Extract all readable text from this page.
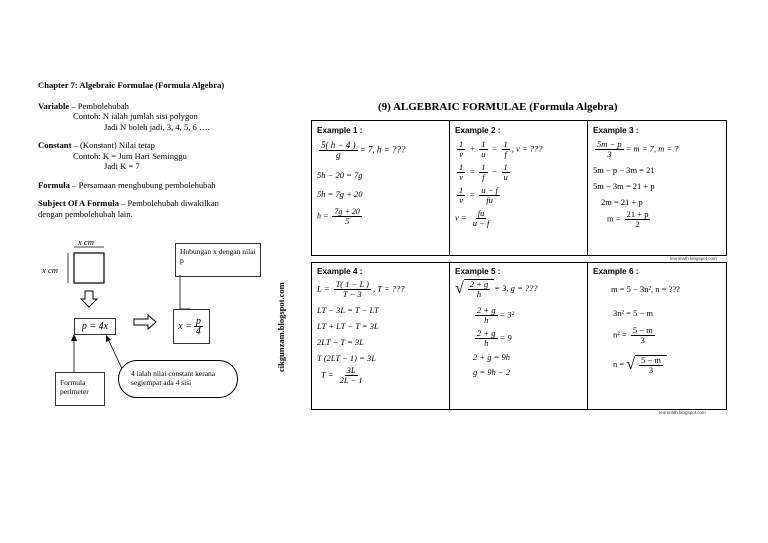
Chapter 7: Algebraic Formulae (Formula Algebra)
Variable – Pembolehubah
Contoh: N ialah jumlah sisi polygon
Jadi N boleh jadi, 3, 4, 5, 6 ….
Constant – (Konstant) Nilai tetap
Contoh: K = Jum Hari Seminggu
Jadi K = 7
Formula – Persamaan menghubung pembolehubah
Subject Of A Formula – Pembolehubah diwakilkan
dengan pembolehubah lain.
x cm
x cm
Hubungan x dengan nilai p
p = 4x	$x = \frac{p}{4}$
Formula perimeter
4 ialah nilai constant kerana segiempat ada 4 sisi
cikgunzam.blogspot.com
(9) ALGEBRAIC FORMULAE (Formula Algebra)
teorimath.blogspot.com
teorimath.blogspot.com
Example 1 :
$\frac{5( h - 4 )}{g} = 7$, h = ???
5h − 20 = 7g
5h = 7g + 20
$h = \frac{7g + 20}{5}$
Example 2 :
$\frac{1}{v} + \frac{1}{u} = \frac{1}{f}$ , v = ???
$\frac{1}{v} = \frac{1}{f} - \frac{1}{u}$
$\frac{1}{v} = \frac{u - f}{fu}$
$v = \frac{fu}{u - f}$
Example 3 :
$\frac{5m - p}{3} = m = 7$, m = ?
5m − p − 3m = 21
5m − 3m = 21 + p
2m = 21 + p
$m = \frac{21 + p}{2}$
Example 4 :
$L = \frac{T( 1 - L )}{T - 3}$ , T = ???
LT − 3L = T − LT
LT + LT − T = 3L
2LT − T = 3L
T (2LT − 1) = 3L
$T = \frac{3L}{2L - 1}$
Example 5 :
√ $\frac{2 + g}{h} = 3$, g = ???
$\frac{2 + g}{h} = 3^2$
$\frac{2 + g}{h} = 9$
2 + g = 9h
g = 9h − 2
Example 6 :
m = 5 − 3n², n = ???
3n² = 5 − m
$n^2 = \frac{5 - m}{3}$
n = √ $\frac{5 - m}{3}$
